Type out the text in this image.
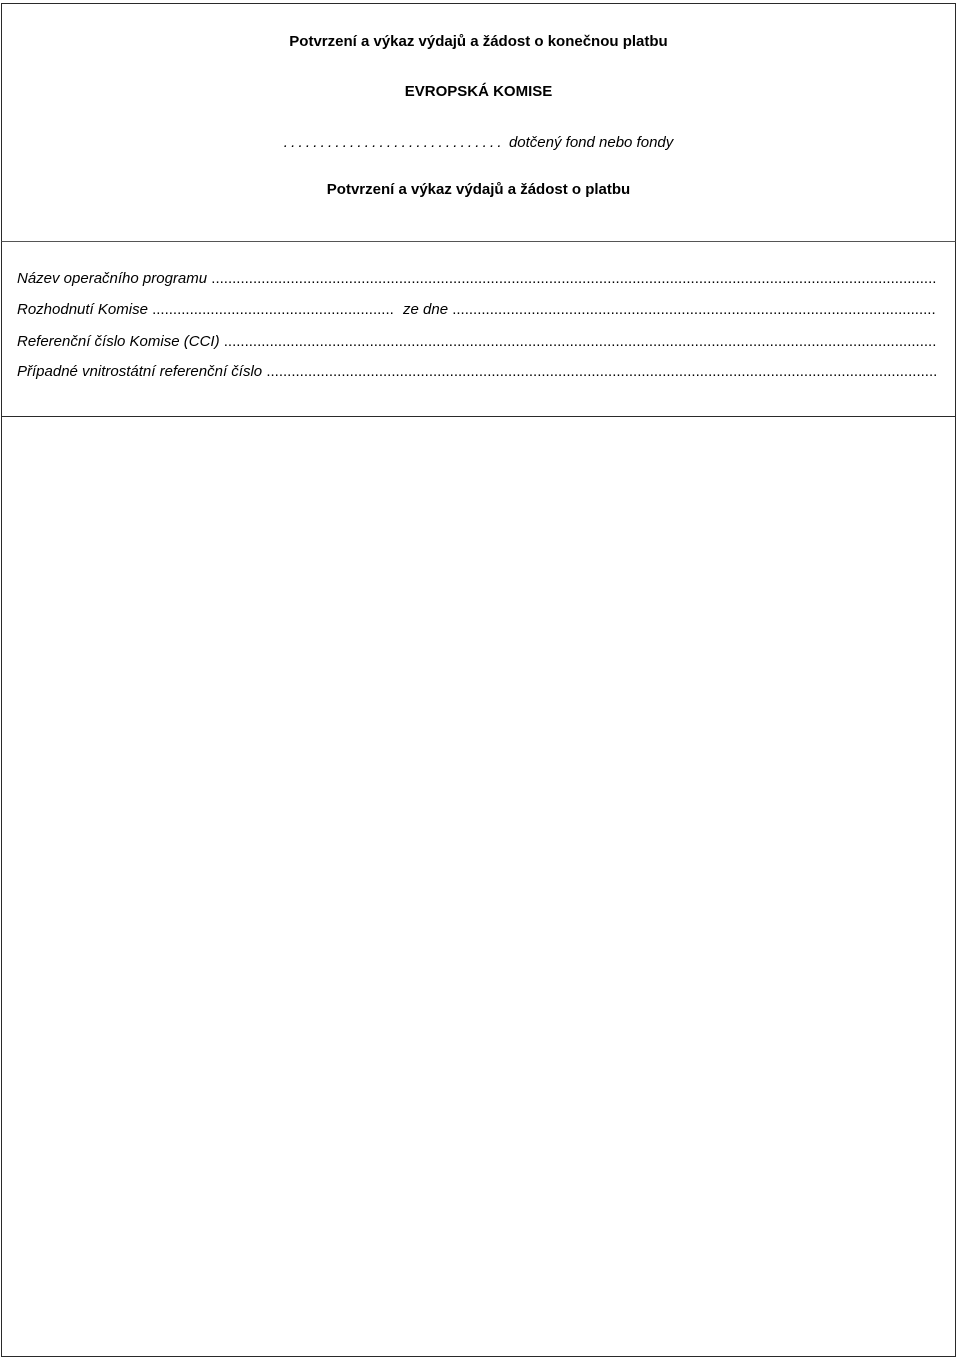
Potvrzení a výkaz výdajů a žádost o konečnou platbu
EVROPSKÁ KOMISE
.............................. dotčený fond nebo fondy
Potvrzení a výkaz výdajů a žádost o platbu
Název operačního programu
.....
Rozhodnutí Komise
.....	ze dne
.....
Referenční číslo Komise (CCI)
.....
Případné vnitrostátní referenční číslo
.....
